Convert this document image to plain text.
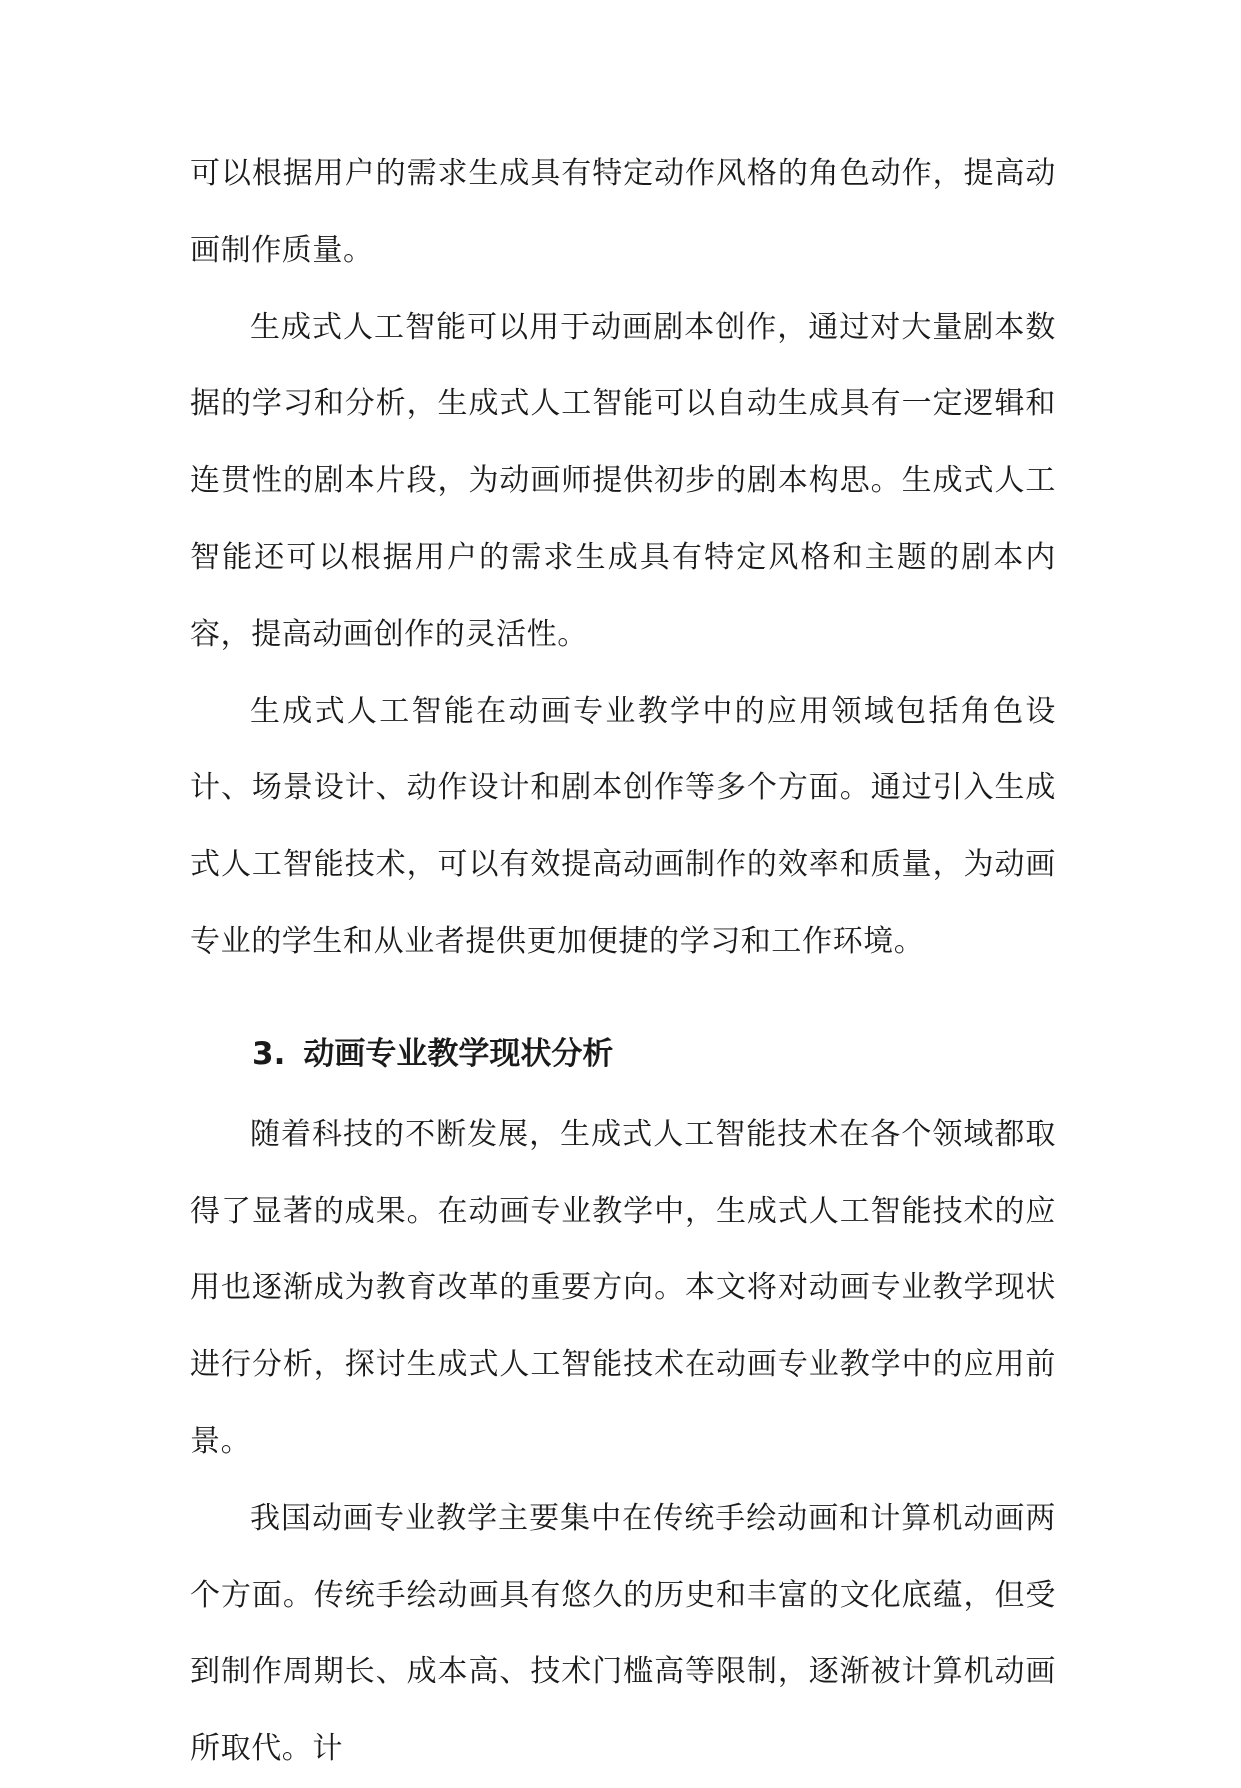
可以根据用户的需求生成具有特定动作风格的角色动作，提高动画制作质量。

生成式人工智能可以用于动画剧本创作，通过对大量剧本数据的学习和分析，生成式人工智能可以自动生成具有一定逻辑和连贯性的剧本片段，为动画师提供初步的剧本构思。生成式人工智能还可以根据用户的需求生成具有特定风格和主题的剧本内容，提高动画创作的灵活性。

生成式人工智能在动画专业教学中的应用领域包括角色设计、场景设计、动作设计和剧本创作等多个方面。通过引入生成式人工智能技术，可以有效提高动画制作的效率和质量，为动画专业的学生和从业者提供更加便捷的学习和工作环境。

3. 动画专业教学现状分析

随着科技的不断发展，生成式人工智能技术在各个领域都取得了显著的成果。在动画专业教学中，生成式人工智能技术的应用也逐渐成为教育改革的重要方向。本文将对动画专业教学现状进行分析，探讨生成式人工智能技术在动画专业教学中的应用前景。

我国动画专业教学主要集中在传统手绘动画和计算机动画两个方面。传统手绘动画具有悠久的历史和丰富的文化底蕴，但受到制作周期长、成本高、技术门槛高等限制，逐渐被计算机动画所取代。计
